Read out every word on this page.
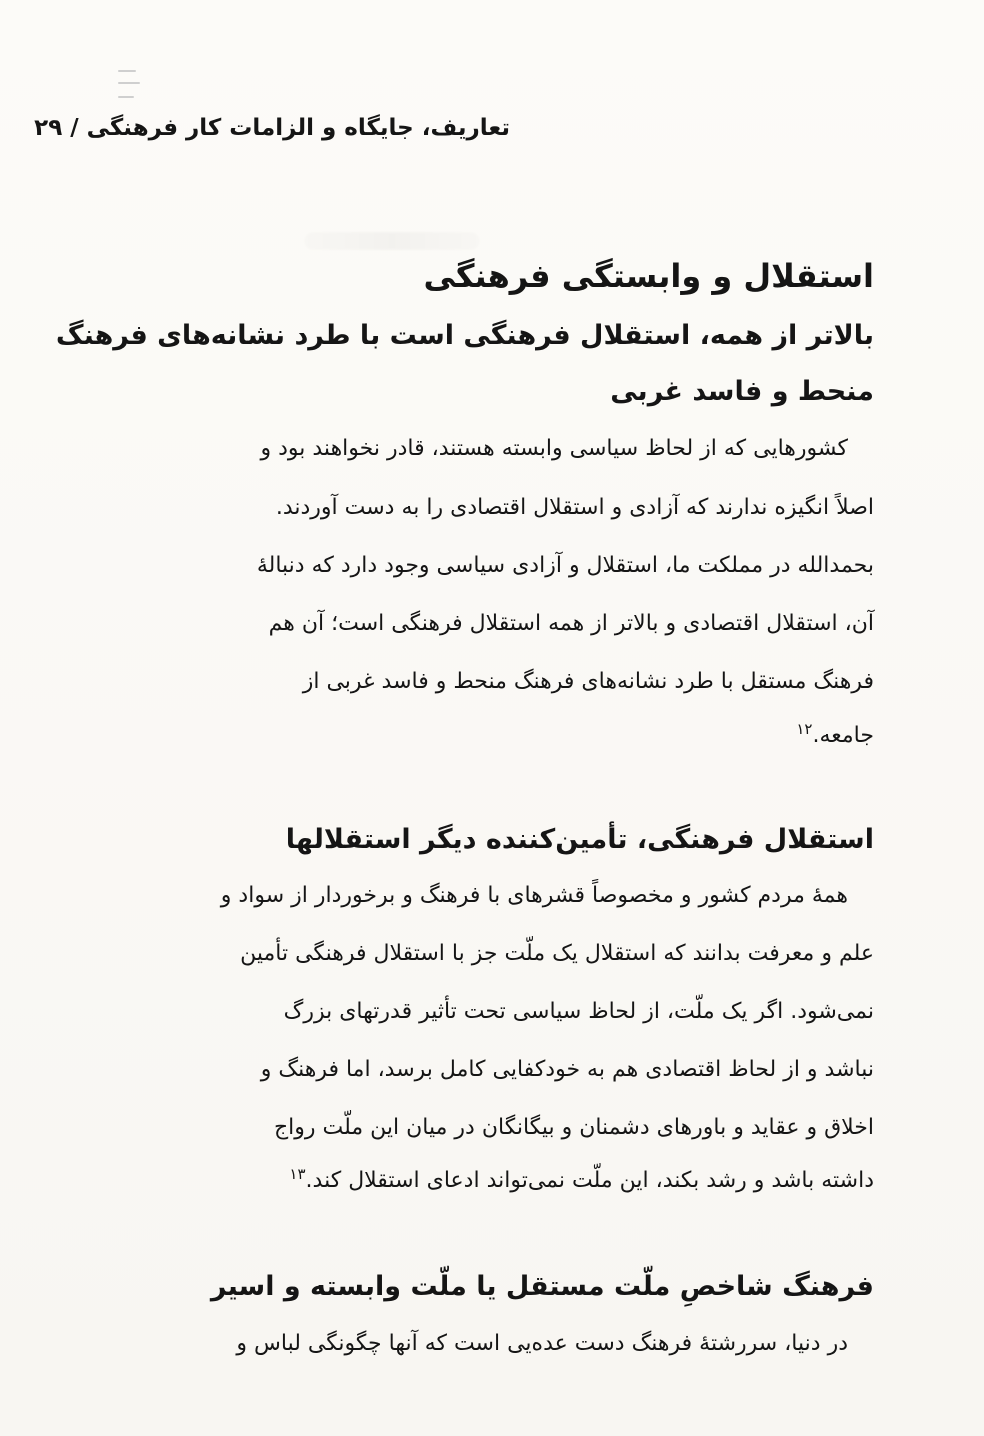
تعاریف، جایگاه و الزامات کار فرهنگی / ۲۹
استقلال و وابستگی فرهنگی
بالاتر از همه، استقلال فرهنگی است با طرد نشانه‌های فرهنگ
منحط و فاسد غربی
کشورهایی که از لحاظ سیاسی وابسته هستند، قادر نخواهند بود و
اصلاً انگیزه ندارند که آزادی و استقلال اقتصادی را به دست آوردند.
بحمدالله در مملکت ما، استقلال و آزادی سیاسی وجود دارد که دنبالهٔ
آن، استقلال اقتصادی و بالاتر از همه استقلال فرهنگی است؛ آن هم
فرهنگ مستقل با طرد نشانه‌های فرهنگ منحط و فاسد غربی از
جامعه.$^{۱۲}$
استقلال فرهنگی، تأمین‌کننده دیگر استقلالها
همهٔ مردم کشور و مخصوصاً قشرهای با فرهنگ و برخوردار از سواد و
علم و معرفت بدانند که استقلال یک ملّت جز با استقلال فرهنگی تأمین
نمی‌شود. اگر یک ملّت، از لحاظ سیاسی تحت تأثیر قدرتهای بزرگ
نباشد و از لحاظ اقتصادی هم به خودکفایی کامل برسد، اما فرهنگ و
اخلاق و عقاید و باورهای دشمنان و بیگانگان در میان این ملّت رواج
داشته باشد و رشد بکند، این ملّت نمی‌تواند ادعای استقلال کند.$^{۱۳}$
فرهنگ شاخصِ ملّت مستقل یا ملّت وابسته و اسیر
در دنیا، سررشتهٔ فرهنگ دست عده‌یی است که آنها چگونگی لباس و
